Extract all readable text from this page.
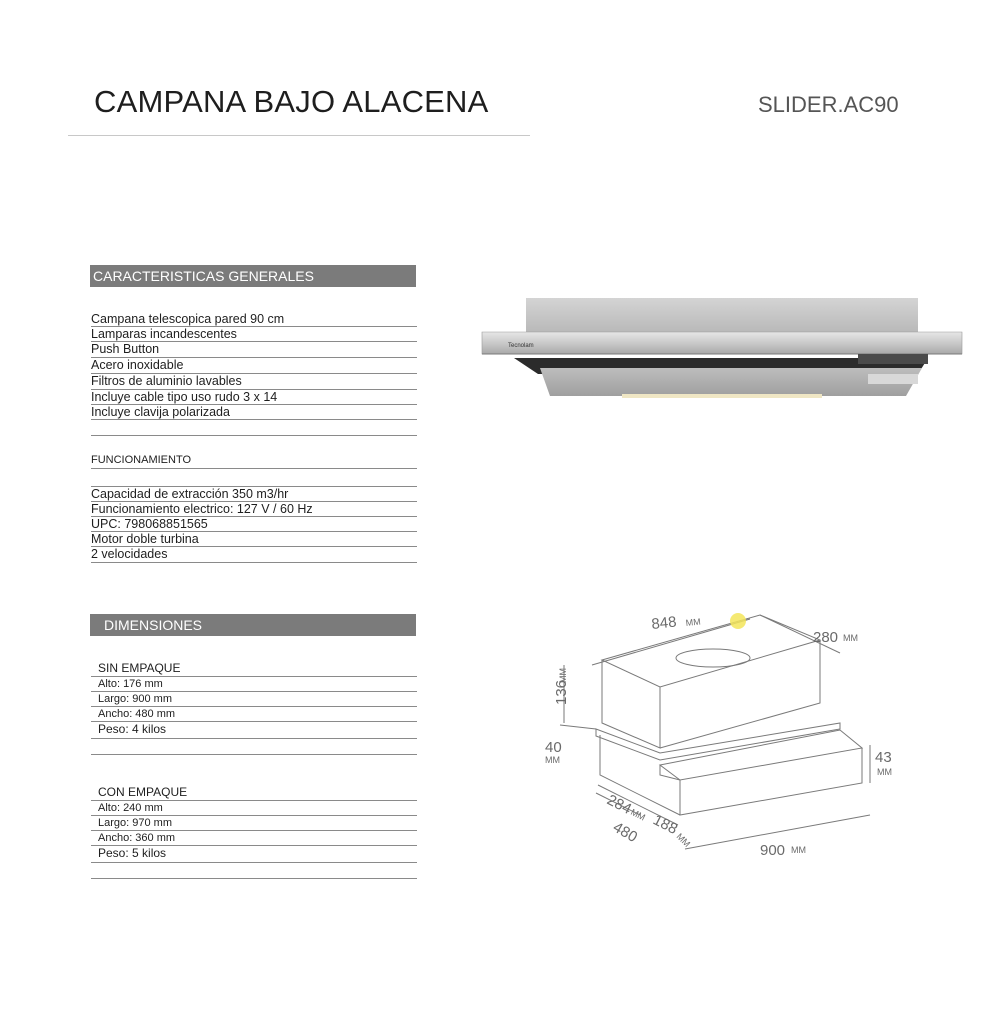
CAMPANA BAJO ALACENA	SLIDER.AC90
CARACTERISTICAS GENERALES
Campana telescopica pared 90 cm
Lamparas incandescentes
Push Button
Acero inoxidable
Filtros de aluminio lavables
Incluye cable tipo uso rudo 3 x 14
Incluye clavija polarizada
FUNCIONAMIENTO
Capacidad de extracción 350 m3/hr
Funcionamiento electrico: 127 V / 60 Hz
UPC: 798068851565
Motor doble turbina
2 velocidades
DIMENSIONES
SIN EMPAQUE
Alto: 176 mm
Largo: 900 mm
Ancho: 480 mm
Peso: 4 kilos
CON EMPAQUE
Alto: 240 mm
Largo: 970 mm
Ancho: 360 mm
Peso: 5 kilos
Tecnolam
848 MM
280 MM
136
MM
40
MM	43
MM
284
MM 188
MM
480
900 MM
